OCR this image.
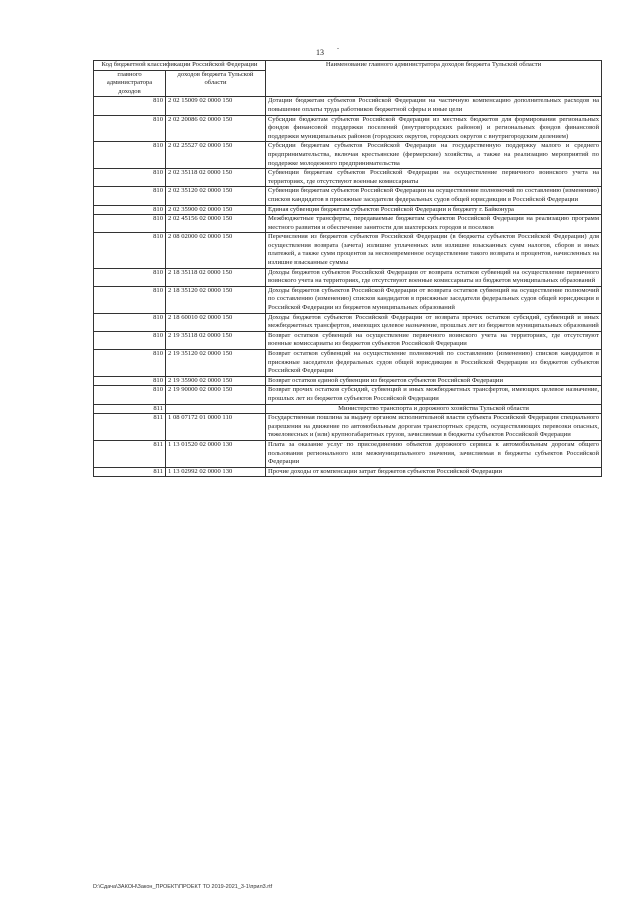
.
13
Код бюджетной классификации Российской Федерации		Наименование главного администратора доходов бюджета Тульской области
главного администратора доходов	доходов бюджета Тульской области	
810	2 02 15009 02 0000 150	Дотации бюджетам субъектов Российской Федерации на частичную компенсацию дополнительных расходов на повышение оплаты труда работников бюджетной сферы и иные цели
810	2 02 20086 02 0000 150	Субсидии бюджетам субъектов Российской Федерации из местных бюджетов для формирования региональных фондов финансовой поддержки поселений (внутригородских районов) и региональных фондов финансовой поддержки муниципальных районов (городских округов, городских округов с внутригородским делением)
810	2 02 25527 02 0000 150	Субсидии бюджетам субъектов Российской Федерации на государственную поддержку малого и среднего предпринимательства, включая крестьянские (фермерские) хозяйства, а также на реализацию мероприятий по поддержке молодежного предпринимательства
810	2 02 35118 02 0000 150	Субвенции бюджетам субъектов Российской Федерации на осуществление первичного воинского учета на территориях, где отсутствуют военные комиссариаты
810	2 02 35120 02 0000 150	Субвенции бюджетам субъектов Российской Федерации на осуществление полномочий по составлению (изменению) списков кандидатов в присяжные заседатели федеральных судов общей юрисдикции в Российской Федерации
810	2 02 35900 02 0000 150	Единая субвенция бюджетам субъектов Российской Федерации и бюджету г. Байконура
810	2 02 45156 02 0000 150	Межбюджетные трансферты, передаваемые бюджетам субъектов Российской Федерации на реализацию программ местного развития и обеспечение занятости для шахтерских городов и поселков
810	2 08 02000 02 0000 150	Перечисления из бюджетов субъектов Российской Федерации (в бюджеты субъектов Российской Федерации) для осуществления возврата (зачета) излишне уплаченных или излишне взысканных сумм налогов, сборов и иных платежей, а также сумм процентов за несвоевременное осуществление такого возврата и процентов, начисленных на излишне взысканные суммы
810	2 18 35118 02 0000 150	Доходы бюджетов субъектов Российской Федерации от возврата остатков субвенций на осуществление первичного воинского учета на территориях, где отсутствуют военные комиссариаты из бюджетов муниципальных образований
810	2 18 35120 02 0000 150	Доходы бюджетов субъектов Российской Федерации от возврата остатков субвенций на осуществление полномочий по составлению (изменению) списков кандидатов в присяжные заседатели федеральных судов общей юрисдикции в Российской Федерации из бюджетов муниципальных образований
810	2 18 60010 02 0000 150	Доходы бюджетов субъектов Российской Федерации от возврата прочих остатков субсидий, субвенций и иных межбюджетных трансфертов, имеющих целевое назначение, прошлых лет из бюджетов муниципальных образований
810	2 19 35118 02 0000 150	Возврат остатков субвенций на осуществление первичного воинского учета на территориях, где отсутствуют военные комиссариаты из бюджетов субъектов Российской Федерации
810	2 19 35120 02 0000 150	Возврат остатков субвенций на осуществление полномочий по составлению (изменению) списков кандидатов в присяжные заседатели федеральных судов общей юрисдикции в Российской Федерации из бюджетов субъектов Российской Федерации
810	2 19 35900 02 0000 150	Возврат остатков единой субвенции из бюджетов субъектов Российской Федерации
810	2 19 90000 02 0000 150	Возврат прочих остатков субсидий, субвенций и иных межбюджетных трансфертов, имеющих целевое назначение, прошлых лет из бюджетов субъектов Российской Федерации
811		Министерство транспорта и дорожного хозяйства Тульской области
811	1 08 07172 01 0000 110	Государственная пошлина за выдачу органом исполнительной власти субъекта Российской Федерации специального разрешения на движение по автомобильным дорогам транспортных средств, осуществляющих перевозки опасных, тяжеловесных и (или) крупногабаритных грузов, зачисляемая в бюджеты субъектов Российской Федерации
811	1 13 01520 02 0000 130	Плата за оказание услуг по присоединению объектов дорожного сервиса к автомобильным дорогам общего пользования регионального или межмуниципального значения, зачисляемая в бюджеты субъектов Российской Федерации
811	1 13 02992 02 0000 130	Прочие доходы от компенсации затрат бюджетов субъектов Российской Федерации
D:\Сдача\ЗАКОН\Закон_ПРОЕКТ\ПРОЕКТ ТО 2019-2021_3-1\прил3.rtf
